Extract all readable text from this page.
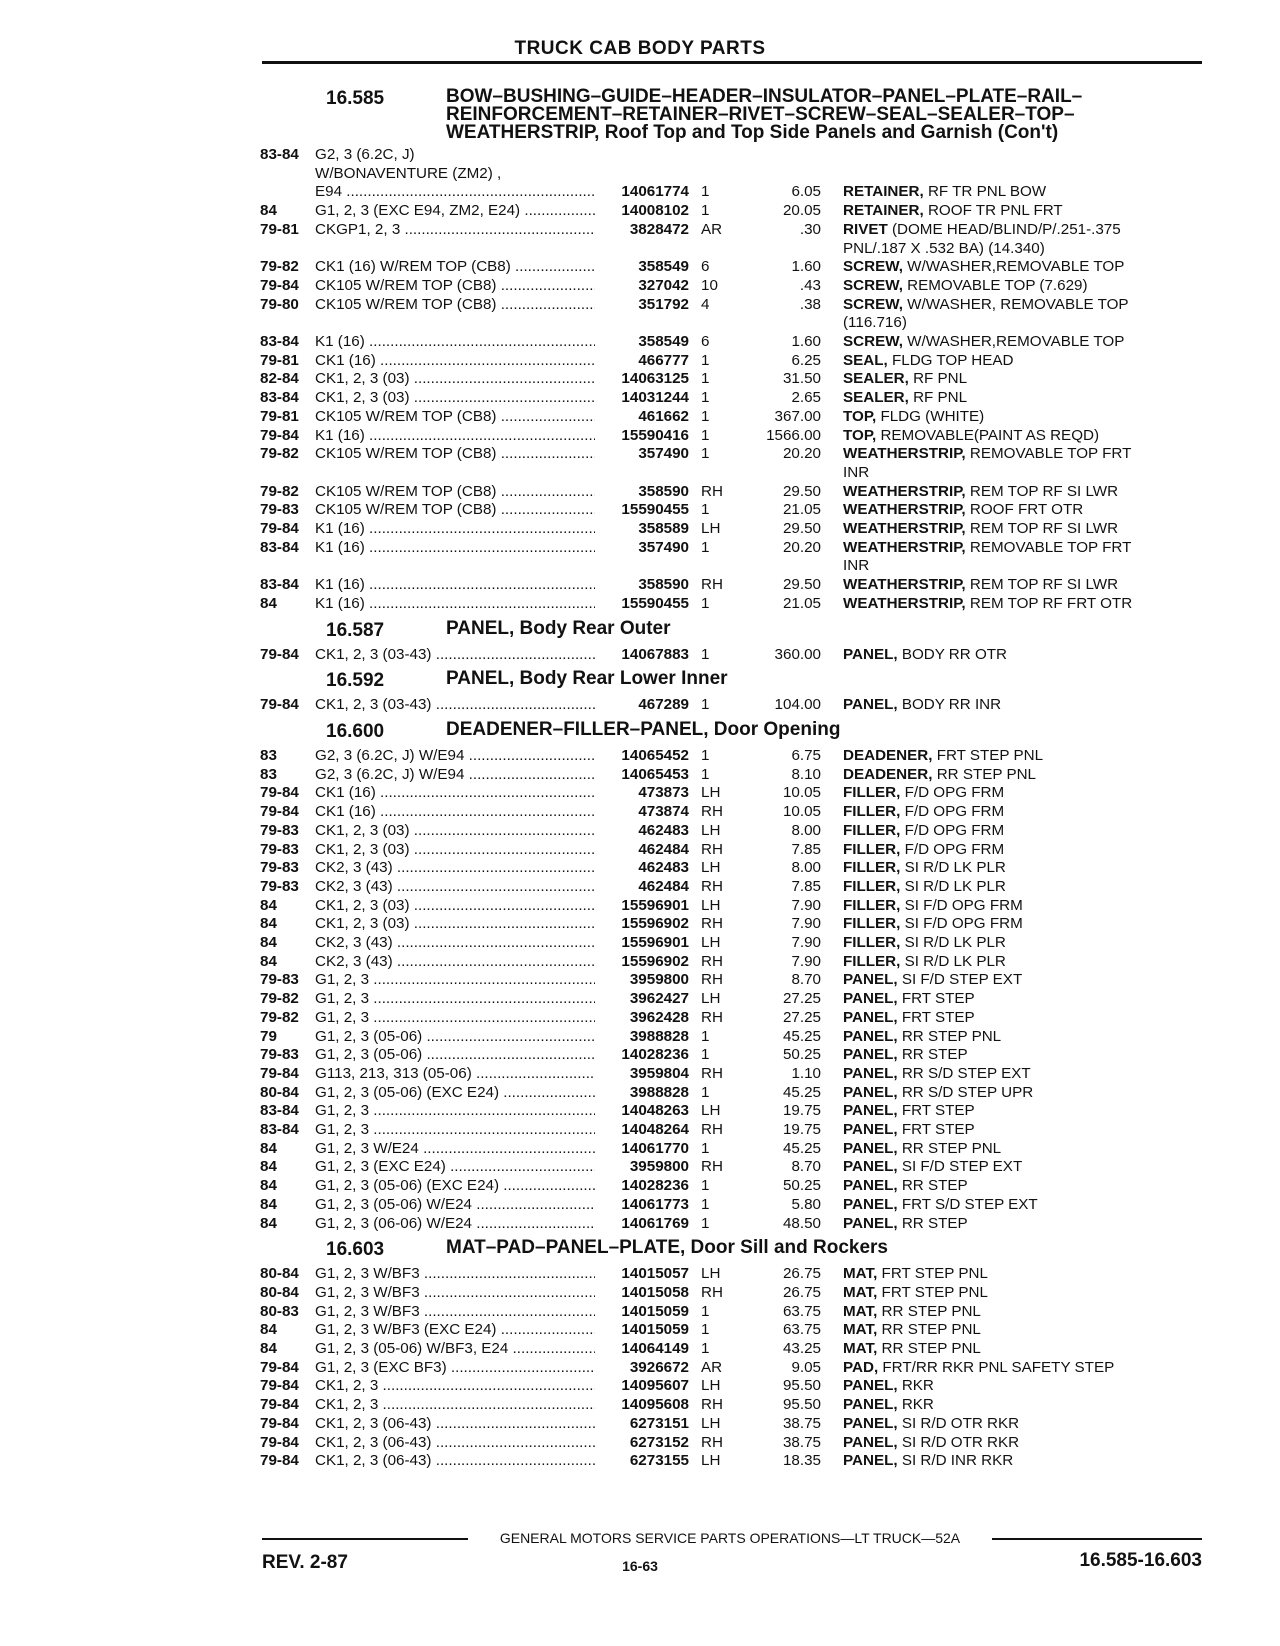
TRUCK CAB BODY PARTS
16.585	BOW–BUSHING–GUIDE–HEADER–INSULATOR–PANEL–PLATE–RAIL–REINFORCEMENT–RETAINER–RIVET–SCREW–SEAL–SEALER–TOP–WEATHERSTRIP, Roof Top and Top Side Panels and Garnish (Con't)
83-84	G2, 3 (6.2C, J)
W/BONAVENTURE (ZM2) ,
E94 .....	14061774 1	6.05	RETAINER, RF TR PNL BOW
84	G1, 2, 3 (EXC E94, ZM2, E24) .....	14008102 1	20.05	RETAINER, ROOF TR PNL FRT
79-81	CKGP1, 2, 3 .....	3828472 AR	.30	RIVET (DOME HEAD/BLIND/P/.251-.375
PNL/.187 X .532 BA) (14.340)
79-82	CK1 (16) W/REM TOP (CB8) .....	358549 6	1.60	SCREW, W/WASHER,REMOVABLE TOP
79-84	CK105 W/REM TOP (CB8) .....	327042 10	.43	SCREW, REMOVABLE TOP (7.629)
79-80	CK105 W/REM TOP (CB8) .....	351792 4	.38	SCREW, W/WASHER, REMOVABLE TOP
(116.716)
83-84	K1 (16) .....	358549 6	1.60	SCREW, W/WASHER,REMOVABLE TOP
79-81	CK1 (16) .....	466777 1	6.25	SEAL, FLDG TOP HEAD
82-84	CK1, 2, 3 (03) .....	14063125 1	31.50	SEALER, RF PNL
83-84	CK1, 2, 3 (03) .....	14031244 1	2.65	SEALER, RF PNL
79-81	CK105 W/REM TOP (CB8) .....	461662 1	367.00	TOP, FLDG (WHITE)
79-84	K1 (16) .....	15590416 1	1566.00	TOP, REMOVABLE(PAINT AS REQD)
79-82	CK105 W/REM TOP (CB8) .....	357490 1	20.20	WEATHERSTRIP, REMOVABLE TOP FRT
INR
79-82	CK105 W/REM TOP (CB8) .....	358590 RH	29.50	WEATHERSTRIP, REM TOP RF SI LWR
79-83	CK105 W/REM TOP (CB8) .....	15590455 1	21.05	WEATHERSTRIP, ROOF FRT OTR
79-84	K1 (16) .....	358589 LH	29.50	WEATHERSTRIP, REM TOP RF SI LWR
83-84	K1 (16) .....	357490 1	20.20	WEATHERSTRIP, REMOVABLE TOP FRT
INR
83-84	K1 (16) .....	358590 RH	29.50	WEATHERSTRIP, REM TOP RF SI LWR
84	K1 (16) .....	15590455 1	21.05	WEATHERSTRIP, REM TOP RF FRT OTR
16.587	PANEL, Body Rear Outer
79-84	CK1, 2, 3 (03-43) .....	14067883 1	360.00	PANEL, BODY RR OTR
16.592	PANEL, Body Rear Lower Inner
79-84	CK1, 2, 3 (03-43) .....	467289 1	104.00	PANEL, BODY RR INR
16.600	DEADENER–FILLER–PANEL, Door Opening
83	G2, 3 (6.2C, J) W/E94 .....	14065452 1	6.75	DEADENER, FRT STEP PNL
83	G2, 3 (6.2C, J) W/E94 .....	14065453 1	8.10	DEADENER, RR STEP PNL
79-84	CK1 (16) .....	473873 LH	10.05	FILLER, F/D OPG FRM
79-84	CK1 (16) .....	473874 RH	10.05	FILLER, F/D OPG FRM
79-83	CK1, 2, 3 (03) .....	462483 LH	8.00	FILLER, F/D OPG FRM
79-83	CK1, 2, 3 (03) .....	462484 RH	7.85	FILLER, F/D OPG FRM
79-83	CK2, 3 (43) .....	462483 LH	8.00	FILLER, SI R/D LK PLR
79-83	CK2, 3 (43) .....	462484 RH	7.85	FILLER, SI R/D LK PLR
84	CK1, 2, 3 (03) .....	15596901 LH	7.90	FILLER, SI F/D OPG FRM
84	CK1, 2, 3 (03) .....	15596902 RH	7.90	FILLER, SI F/D OPG FRM
84	CK2, 3 (43) .....	15596901 LH	7.90	FILLER, SI R/D LK PLR
84	CK2, 3 (43) .....	15596902 RH	7.90	FILLER, SI R/D LK PLR
79-83	G1, 2, 3 .....	3959800 RH	8.70	PANEL, SI F/D STEP EXT
79-82	G1, 2, 3 .....	3962427 LH	27.25	PANEL, FRT STEP
79-82	G1, 2, 3 .....	3962428 RH	27.25	PANEL, FRT STEP
79	G1, 2, 3 (05-06) .....	3988828 1	45.25	PANEL, RR STEP PNL
79-83	G1, 2, 3 (05-06) .....	14028236 1	50.25	PANEL, RR STEP
79-84	G113, 213, 313 (05-06) .....	3959804 RH	1.10	PANEL, RR S/D STEP EXT
80-84	G1, 2, 3 (05-06) (EXC E24) .....	3988828 1	45.25	PANEL, RR S/D STEP UPR
83-84	G1, 2, 3 .....	14048263 LH	19.75	PANEL, FRT STEP
83-84	G1, 2, 3 .....	14048264 RH	19.75	PANEL, FRT STEP
84	G1, 2, 3 W/E24 .....	14061770 1	45.25	PANEL, RR STEP PNL
84	G1, 2, 3 (EXC E24) .....	3959800 RH	8.70	PANEL, SI F/D STEP EXT
84	G1, 2, 3 (05-06) (EXC E24) .....	14028236 1	50.25	PANEL, RR STEP
84	G1, 2, 3 (05-06) W/E24 .....	14061773 1	5.80	PANEL, FRT S/D STEP EXT
84	G1, 2, 3 (06-06) W/E24 .....	14061769 1	48.50	PANEL, RR STEP
16.603	MAT–PAD–PANEL–PLATE, Door Sill and Rockers
80-84	G1, 2, 3 W/BF3 .....	14015057 LH	26.75	MAT, FRT STEP PNL
80-84	G1, 2, 3 W/BF3 .....	14015058 RH	26.75	MAT, FRT STEP PNL
80-83	G1, 2, 3 W/BF3 .....	14015059 1	63.75	MAT, RR STEP PNL
84	G1, 2, 3 W/BF3 (EXC E24) .....	14015059 1	63.75	MAT, RR STEP PNL
84	G1, 2, 3 (05-06) W/BF3, E24 .....	14064149 1	43.25	MAT, RR STEP PNL
79-84	G1, 2, 3 (EXC BF3) .....	3926672 AR	9.05	PAD, FRT/RR RKR PNL SAFETY STEP
79-84	CK1, 2, 3 .....	14095607 LH	95.50	PANEL, RKR
79-84	CK1, 2, 3 .....	14095608 RH	95.50	PANEL, RKR
79-84	CK1, 2, 3 (06-43) .....	6273151 LH	38.75	PANEL, SI R/D OTR RKR
79-84	CK1, 2, 3 (06-43) .....	6273152 RH	38.75	PANEL, SI R/D OTR RKR
79-84	CK1, 2, 3 (06-43) .....	6273155 LH	18.35	PANEL, SI R/D INR RKR
GENERAL MOTORS SERVICE PARTS OPERATIONS—LT TRUCK—52A
REV. 2-87	16-63	16.585-16.603
